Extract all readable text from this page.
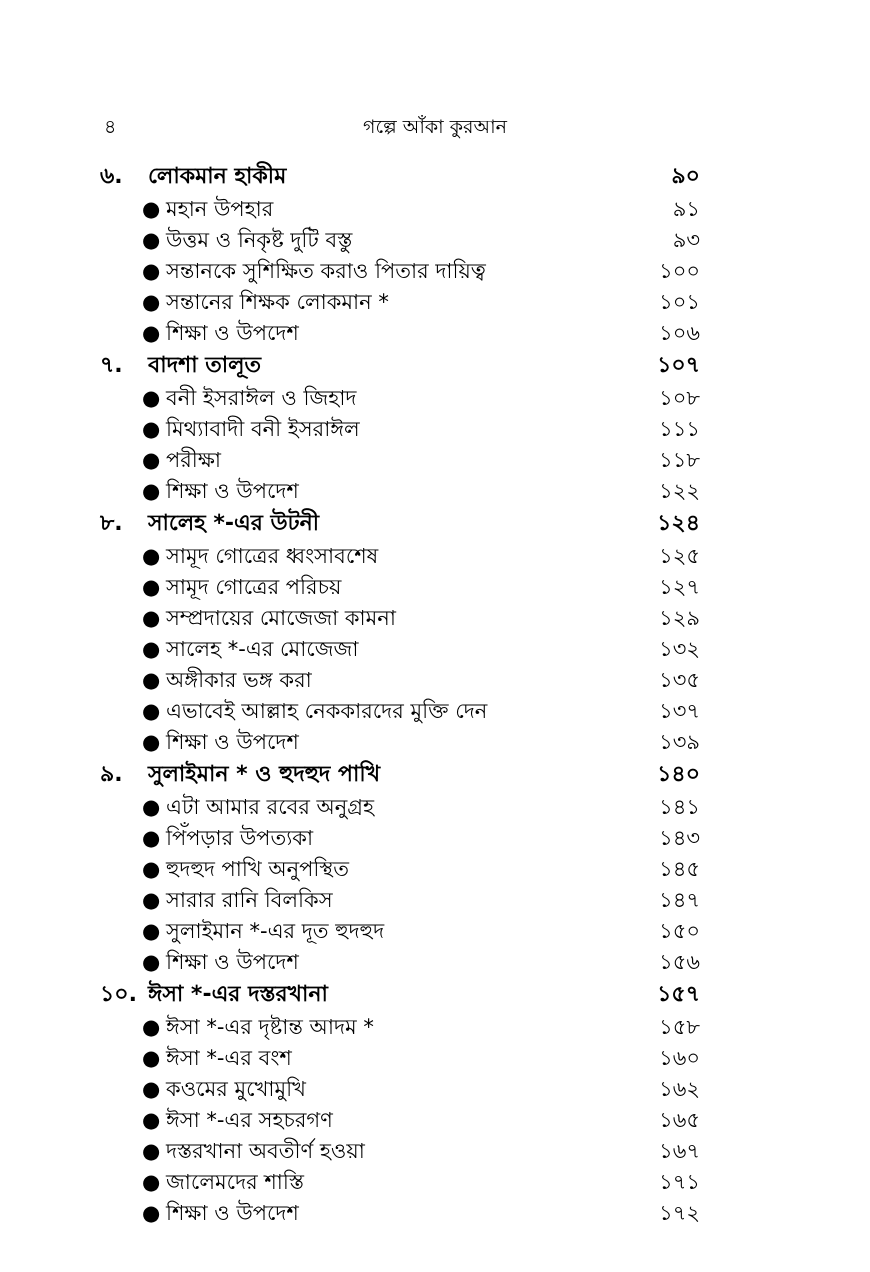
৪	গল্পে আঁকা কুরআন
৬. লোকমান হাকীম	৯০
● মহান উপহার	৯১
● উত্তম ও নিকৃষ্ট দুটি বস্তু	৯৩
● সন্তানকে সুশিক্ষিত করাও পিতার দায়িত্ব	১০০
● সন্তানের শিক্ষক লোকমান *	১০১
● শিক্ষা ও উপদেশ	১০৬
৭. বাদশা তালূত	১০৭
● বনী ইসরাঈল ও জিহাদ	১০৮
● মিথ্যাবাদী বনী ইসরাঈল	১১১
● পরীক্ষা	১১৮
● শিক্ষা ও উপদেশ	১২২
৮. সালেহ *-এর উটনী	১২৪
● সামূদ গোত্রের ধ্বংসাবশেষ	১২৫
● সামূদ গোত্রের পরিচয়	১২৭
● সম্প্রদায়ের মোজেজা কামনা	১২৯
● সালেহ *-এর মোজেজা	১৩২
● অঙ্গীকার ভঙ্গ করা	১৩৫
● এভাবেই আল্লাহ নেককারদের মুক্তি দেন	১৩৭
● শিক্ষা ও উপদেশ	১৩৯
৯. সুলাইমান * ও হুদহুদ পাখি	১৪০
● এটা আমার রবের অনুগ্রহ	১৪১
● পিঁপড়ার উপত্যকা	১৪৩
● হুদহুদ পাখি অনুপস্থিত	১৪৫
● সারার রানি বিলকিস	১৪৭
● সুলাইমান *-এর দূত হুদহুদ	১৫০
● শিক্ষা ও উপদেশ	১৫৬
১০. ঈসা *-এর দস্তরখানা	১৫৭
● ঈসা *-এর দৃষ্টান্ত আদম *	১৫৮
● ঈসা *-এর বংশ	১৬০
● কওমের মুখোমুখি	১৬২
● ঈসা *-এর সহচরগণ	১৬৫
● দস্তরখানা অবতীর্ণ হওয়া	১৬৭
● জালেমদের শাস্তি	১৭১
● শিক্ষা ও উপদেশ	১৭২
